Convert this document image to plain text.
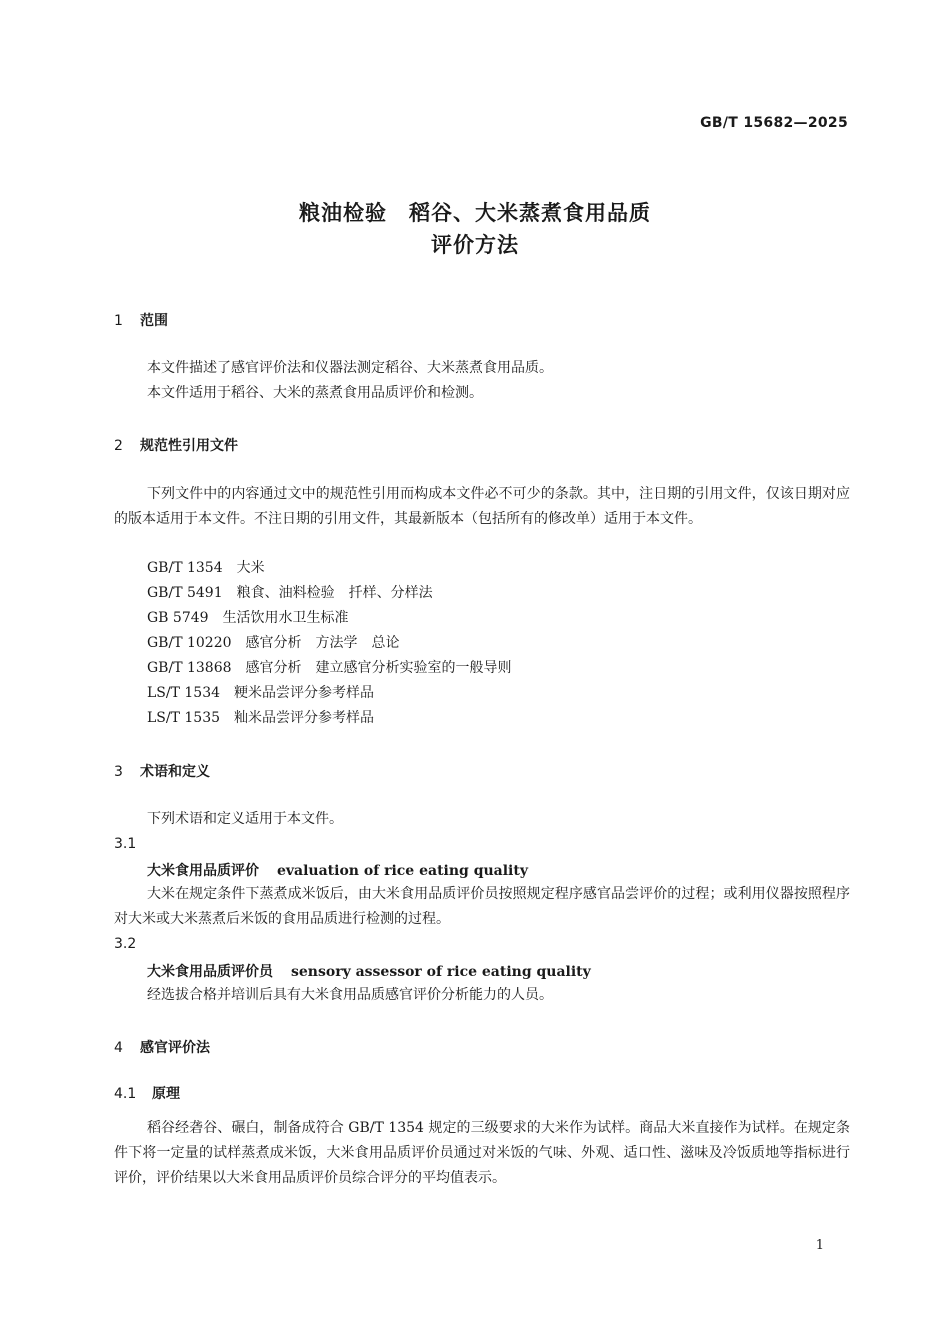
GB/T 15682—2025
粮油检验　稻谷、大米蒸煮食用品质
评价方法
1 范围
本文件描述了感官评价法和仪器法测定稻谷、大米蒸煮食用品质。
本文件适用于稻谷、大米的蒸煮食用品质评价和检测。
2 规范性引用文件
下列文件中的内容通过文中的规范性引用而构成本文件必不可少的条款。其中，注日期的引用文件，仅该日期对应的版本适用于本文件。不注日期的引用文件，其最新版本（包括所有的修改单）适用于本文件。
GB/T 1354 大米
GB/T 5491 粮食、油料检验　扦样、分样法
GB 5749 生活饮用水卫生标准
GB/T 10220 感官分析　方法学　总论
GB/T 13868 感官分析　建立感官分析实验室的一般导则
LS/T 1534 粳米品尝评分参考样品
LS/T 1535 籼米品尝评分参考样品
3 术语和定义
下列术语和定义适用于本文件。
3.1
大米食用品质评价 evaluation of rice eating quality
大米在规定条件下蒸煮成米饭后，由大米食用品质评价员按照规定程序感官品尝评价的过程；或利用仪器按照程序对大米或大米蒸煮后米饭的食用品质进行检测的过程。
3.2
大米食用品质评价员 sensory assessor of rice eating quality
经选拔合格并培训后具有大米食用品质感官评价分析能力的人员。
4 感官评价法
4.1 原理
稻谷经砻谷、碾白，制备成符合 GB/T 1354 规定的三级要求的大米作为试样。商品大米直接作为试样。在规定条件下将一定量的试样蒸煮成米饭，大米食用品质评价员通过对米饭的气味、外观、适口性、滋味及冷饭质地等指标进行评价，评价结果以大米食用品质评价员综合评分的平均值表示。
1
